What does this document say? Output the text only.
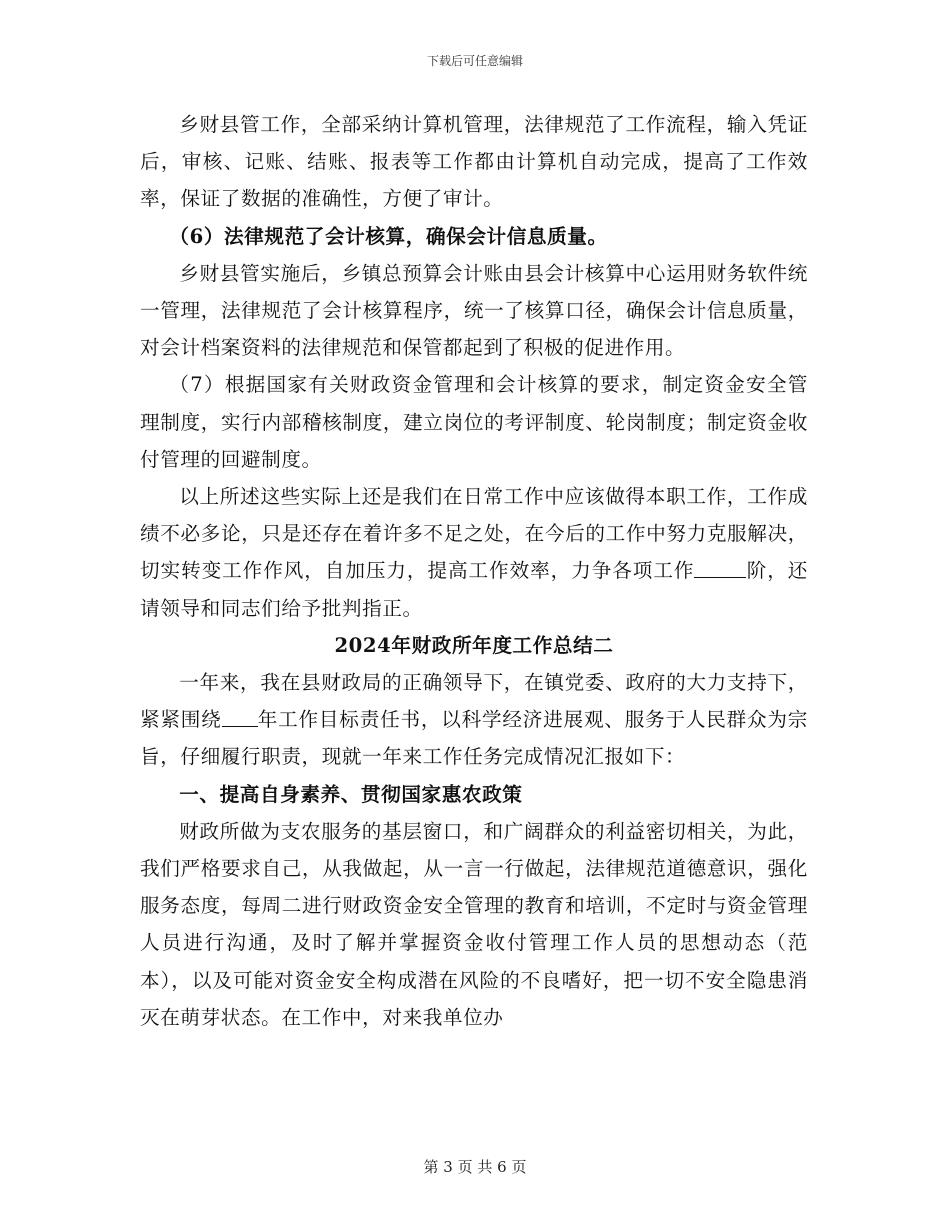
下载后可任意编辑

乡财县管工作，全部采纳计算机管理，法律规范了工作流程，输入凭证后，审核、记账、结账、报表等工作都由计算机自动完成，提高了工作效率，保证了数据的准确性，方便了审计。

（6）法律规范了会计核算，确保会计信息质量。

乡财县管实施后，乡镇总预算会计账由县会计核算中心运用财务软件统一管理，法律规范了会计核算程序，统一了核算口径，确保会计信息质量，对会计档案资料的法律规范和保管都起到了积极的促进作用。

（7）根据国家有关财政资金管理和会计核算的要求，制定资金安全管理制度，实行内部稽核制度，建立岗位的考评制度、轮岗制度；制定资金收付管理的回避制度。

以上所述这些实际上还是我们在日常工作中应该做得本职工作，工作成绩不必多论，只是还存在着许多不足之处，在今后的工作中努力克服解决，切实转变工作作风，自加压力，提高工作效率，力争各项工作	阶，还请领导和同志们给予批判指正。

2024年财政所年度工作总结二

一年来，我在县财政局的正确领导下，在镇党委、政府的大力支持下，紧紧围绕 年工作目标责任书，以科学经济进展观、服务于人民群众为宗旨，仔细履行职责，现就一年来工作任务完成情况汇报如下：

一、提高自身素养、贯彻国家惠农政策

财政所做为支农服务的基层窗口，和广阔群众的利益密切相关，为此，我们严格要求自己，从我做起，从一言一行做起，法律规范道德意识，强化服务态度，每周二进行财政资金安全管理的教育和培训，不定时与资金管理人员进行沟通，及时了解并掌握资金收付管理工作人员的思想动态（范本），以及可能对资金安全构成潜在风险的不良嗜好，把一切不安全隐患消灭在萌芽状态。在工作中，对来我单位办

第 3 页 共 6 页
